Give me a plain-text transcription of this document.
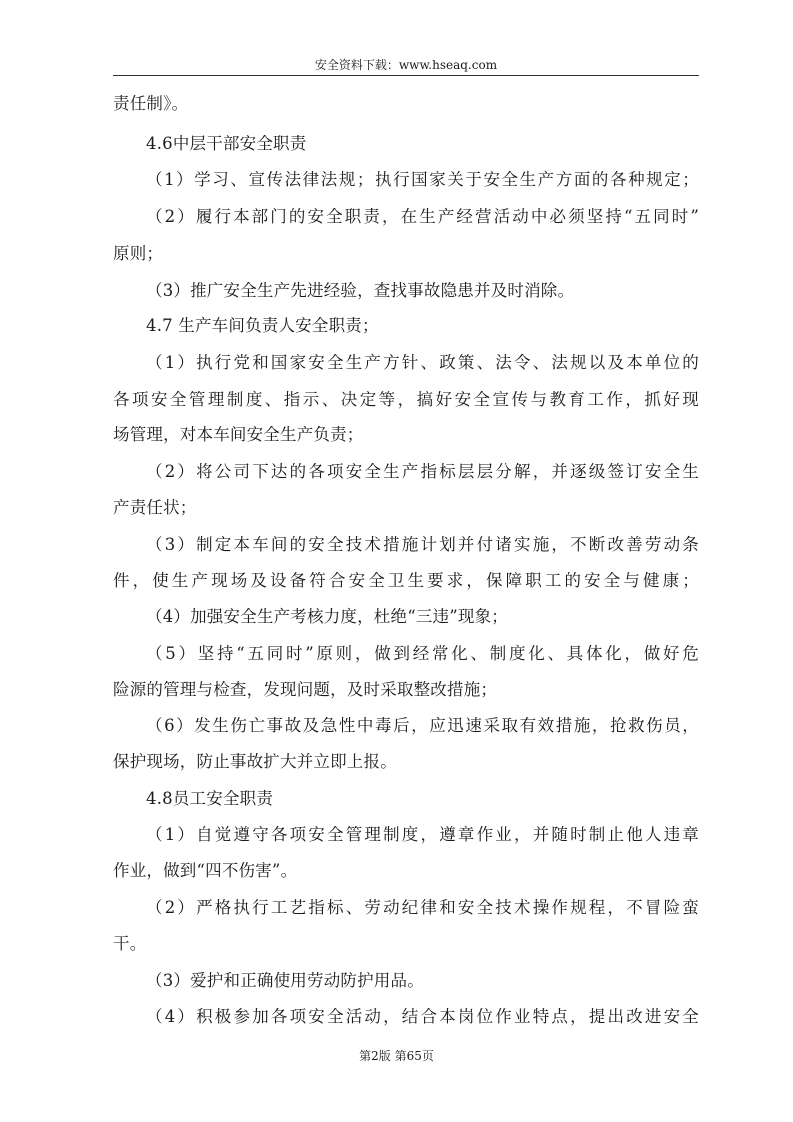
安全资料下载：www.hseaq.com
责任制》。
4.6中层干部安全职责
（1）学习、宣传法律法规；执行国家关于安全生产方面的各种规定；
（2）履行本部门的安全职责，在生产经营活动中必须坚持“五同时”
原则；
（3）推广安全生产先进经验，查找事故隐患并及时消除。
4.7 生产车间负责人安全职责；
（1）执行党和国家安全生产方针、政策、法令、法规以及本单位的
各项安全管理制度、指示、决定等，搞好安全宣传与教育工作，抓好现
场管理，对本车间安全生产负责；
（2）将公司下达的各项安全生产指标层层分解，并逐级签订安全生
产责任状；
（3）制定本车间的安全技术措施计划并付诸实施，不断改善劳动条
件，使生产现场及设备符合安全卫生要求，保障职工的安全与健康；
（4）加强安全生产考核力度，杜绝“三违”现象；
（5）坚持“五同时”原则，做到经常化、制度化、具体化，做好危
险源的管理与检查，发现问题，及时采取整改措施；
（6）发生伤亡事故及急性中毒后，应迅速采取有效措施，抢救伤员，
保护现场，防止事故扩大并立即上报。
4.8员工安全职责
（1）自觉遵守各项安全管理制度，遵章作业，并随时制止他人违章
作业，做到“四不伤害”。
（2）严格执行工艺指标、劳动纪律和安全技术操作规程，不冒险蛮
干。
（3）爱护和正确使用劳动防护用品。
（4）积极参加各项安全活动，结合本岗位作业特点，提出改进安全
第2版 第65页
